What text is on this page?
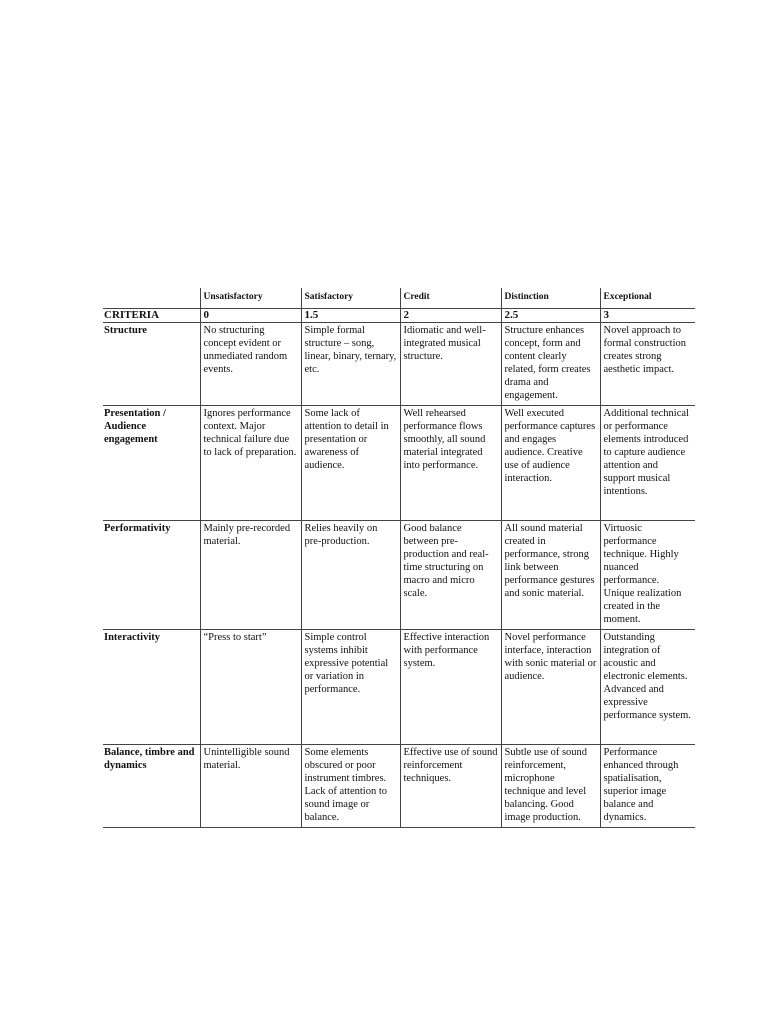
	Unsatisfactory	Satisfactory	Credit	Distinction	Exceptional
CRITERIA	0	1.5	2	2.5	3
Structure	No structuring concept evident or unmediated random events.	Simple formal structure – song, linear, binary, ternary, etc.	Idiomatic and well-integrated musical structure.	Structure enhances concept, form and content clearly related, form creates drama and engagement.	Novel approach to formal construction creates strong aesthetic impact.
Presentation / Audience engagement	Ignores performance context. Major technical failure due to lack of preparation.	Some lack of attention to detail in presentation or awareness of audience.	Well rehearsed performance flows smoothly, all sound material integrated into performance.	Well executed performance captures and engages audience. Creative use of audience interaction.	Additional technical or performance elements introduced to capture audience attention and support musical intentions.
Performativity	Mainly pre-recorded material.	Relies heavily on pre-production.	Good balance between pre-production and real-time structuring on macro and micro scale.	All sound material created in performance, strong link between performance gestures and sonic material.	Virtuosic performance technique. Highly nuanced performance. Unique realization created in the moment.
Interactivity	“Press to start”	Simple control systems inhibit expressive potential or variation in performance.	Effective interaction with performance system.	Novel performance interface, interaction with sonic material or audience.	Outstanding integration of acoustic and electronic elements. Advanced and expressive performance system.
Balance, timbre and dynamics	Unintelligible sound material.	Some elements obscured or poor instrument timbres. Lack of attention to sound image or balance.	Effective use of sound reinforcement techniques.	Subtle use of sound reinforcement, microphone technique and level balancing. Good image production.	Performance enhanced through spatialisation, superior image balance and dynamics.
